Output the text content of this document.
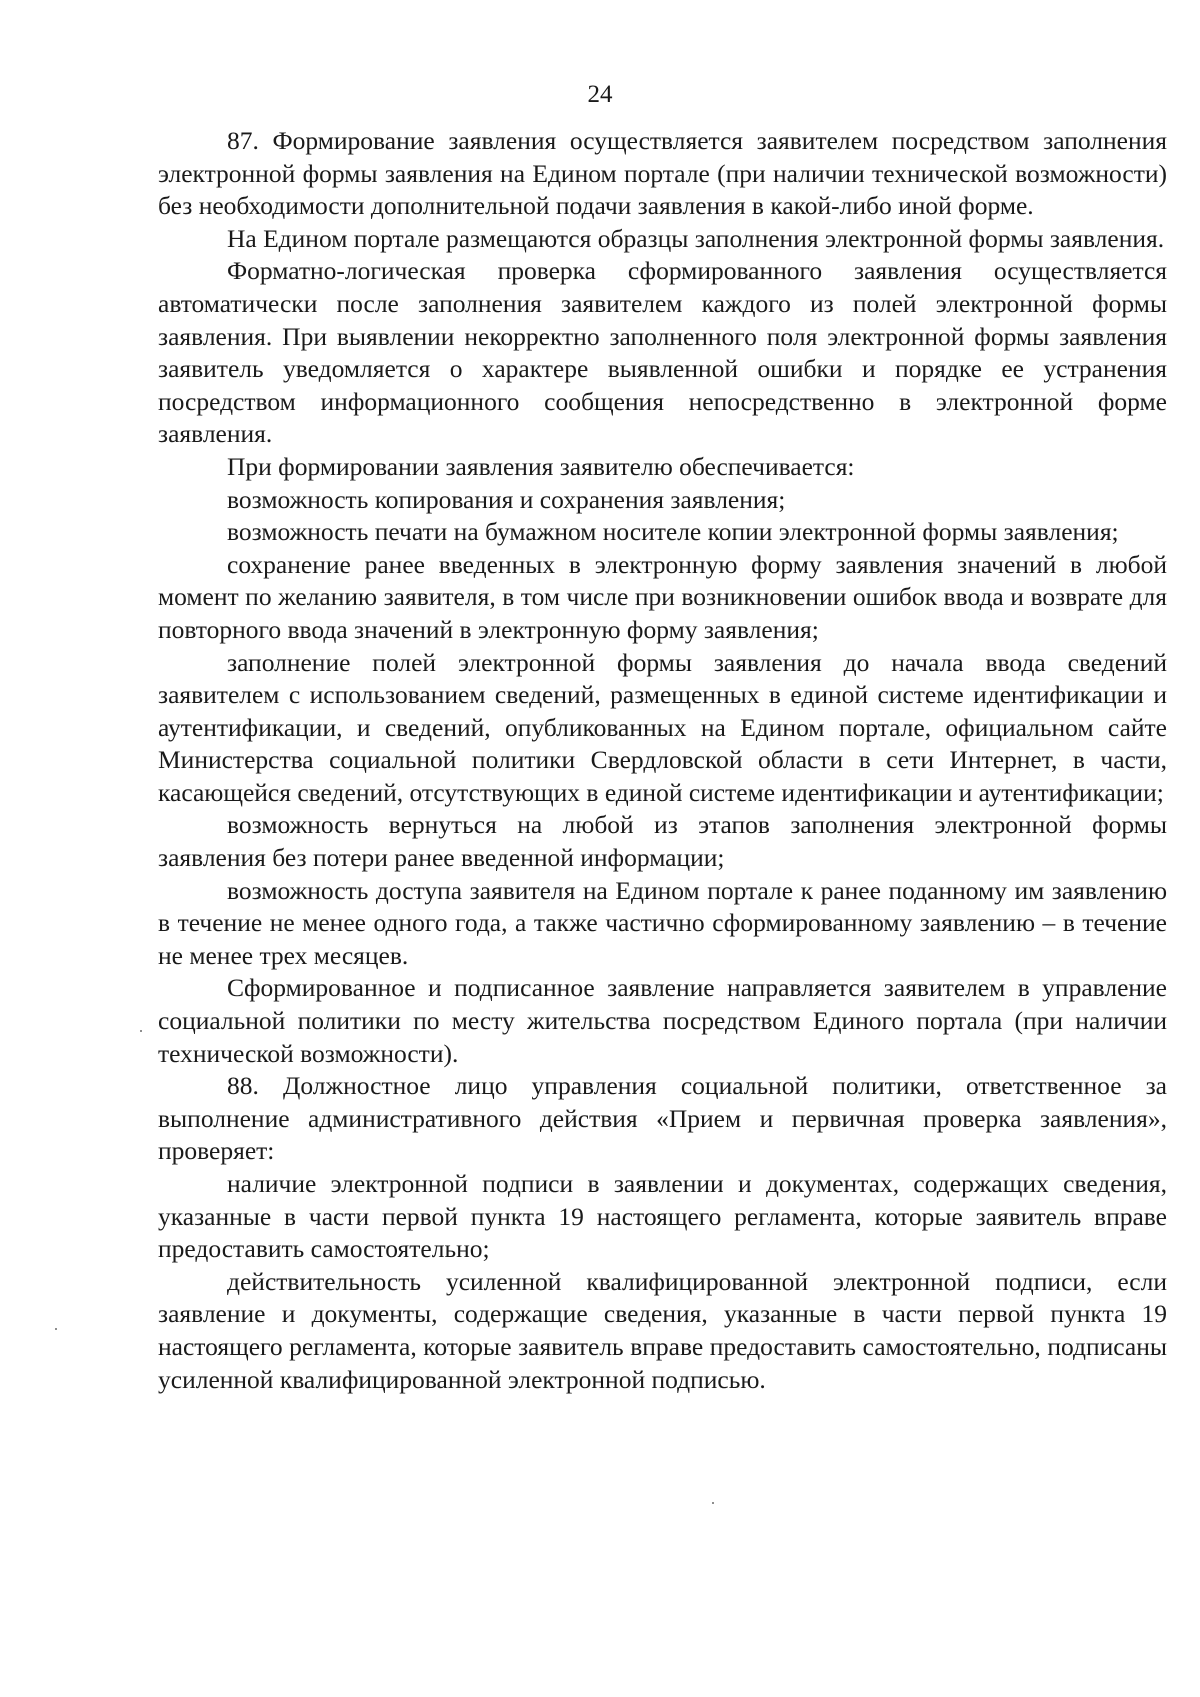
24

87. Формирование заявления осуществляется заявителем посредством заполнения электронной формы заявления на Едином портале (при наличии технической возможности) без необходимости дополнительной подачи заявления в какой-либо иной форме.

На Едином портале размещаются образцы заполнения электронной формы заявления.

Форматно-логическая проверка сформированного заявления осуществляется автоматически после заполнения заявителем каждого из полей электронной формы заявления. При выявлении некорректно заполненного поля электронной формы заявления заявитель уведомляется о характере выявленной ошибки и порядке ее устранения посредством информационного сообщения непосредственно в электронной форме заявления.

При формировании заявления заявителю обеспечивается:

возможность копирования и сохранения заявления;

возможность печати на бумажном носителе копии электронной формы заявления;

сохранение ранее введенных в электронную форму заявления значений в любой момент по желанию заявителя, в том числе при возникновении ошибок ввода и возврате для повторного ввода значений в электронную форму заявления;

заполнение полей электронной формы заявления до начала ввода сведений заявителем с использованием сведений, размещенных в единой системе идентификации и аутентификации, и сведений, опубликованных на Едином портале, официальном сайте Министерства социальной политики Свердловской области в сети Интернет, в части, касающейся сведений, отсутствующих в единой системе идентификации и аутентификации;

возможность вернуться на любой из этапов заполнения электронной формы заявления без потери ранее введенной информации;

возможность доступа заявителя на Едином портале к ранее поданному им заявлению в течение не менее одного года, а также частично сформированному заявлению – в течение не менее трех месяцев.

Сформированное и подписанное заявление направляется заявителем в управление социальной политики по месту жительства посредством Единого портала (при наличии технической возможности).

88. Должностное лицо управления социальной политики, ответственное за выполнение административного действия «Прием и первичная проверка заявления», проверяет:

наличие электронной подписи в заявлении и документах, содержащих сведения, указанные в части первой пункта 19 настоящего регламента, которые заявитель вправе предоставить самостоятельно;

действительность усиленной квалифицированной электронной подписи, если заявление и документы, содержащие сведения, указанные в части первой пункта 19 настоящего регламента, которые заявитель вправе предоставить самостоятельно, подписаны усиленной квалифицированной электронной подписью.
